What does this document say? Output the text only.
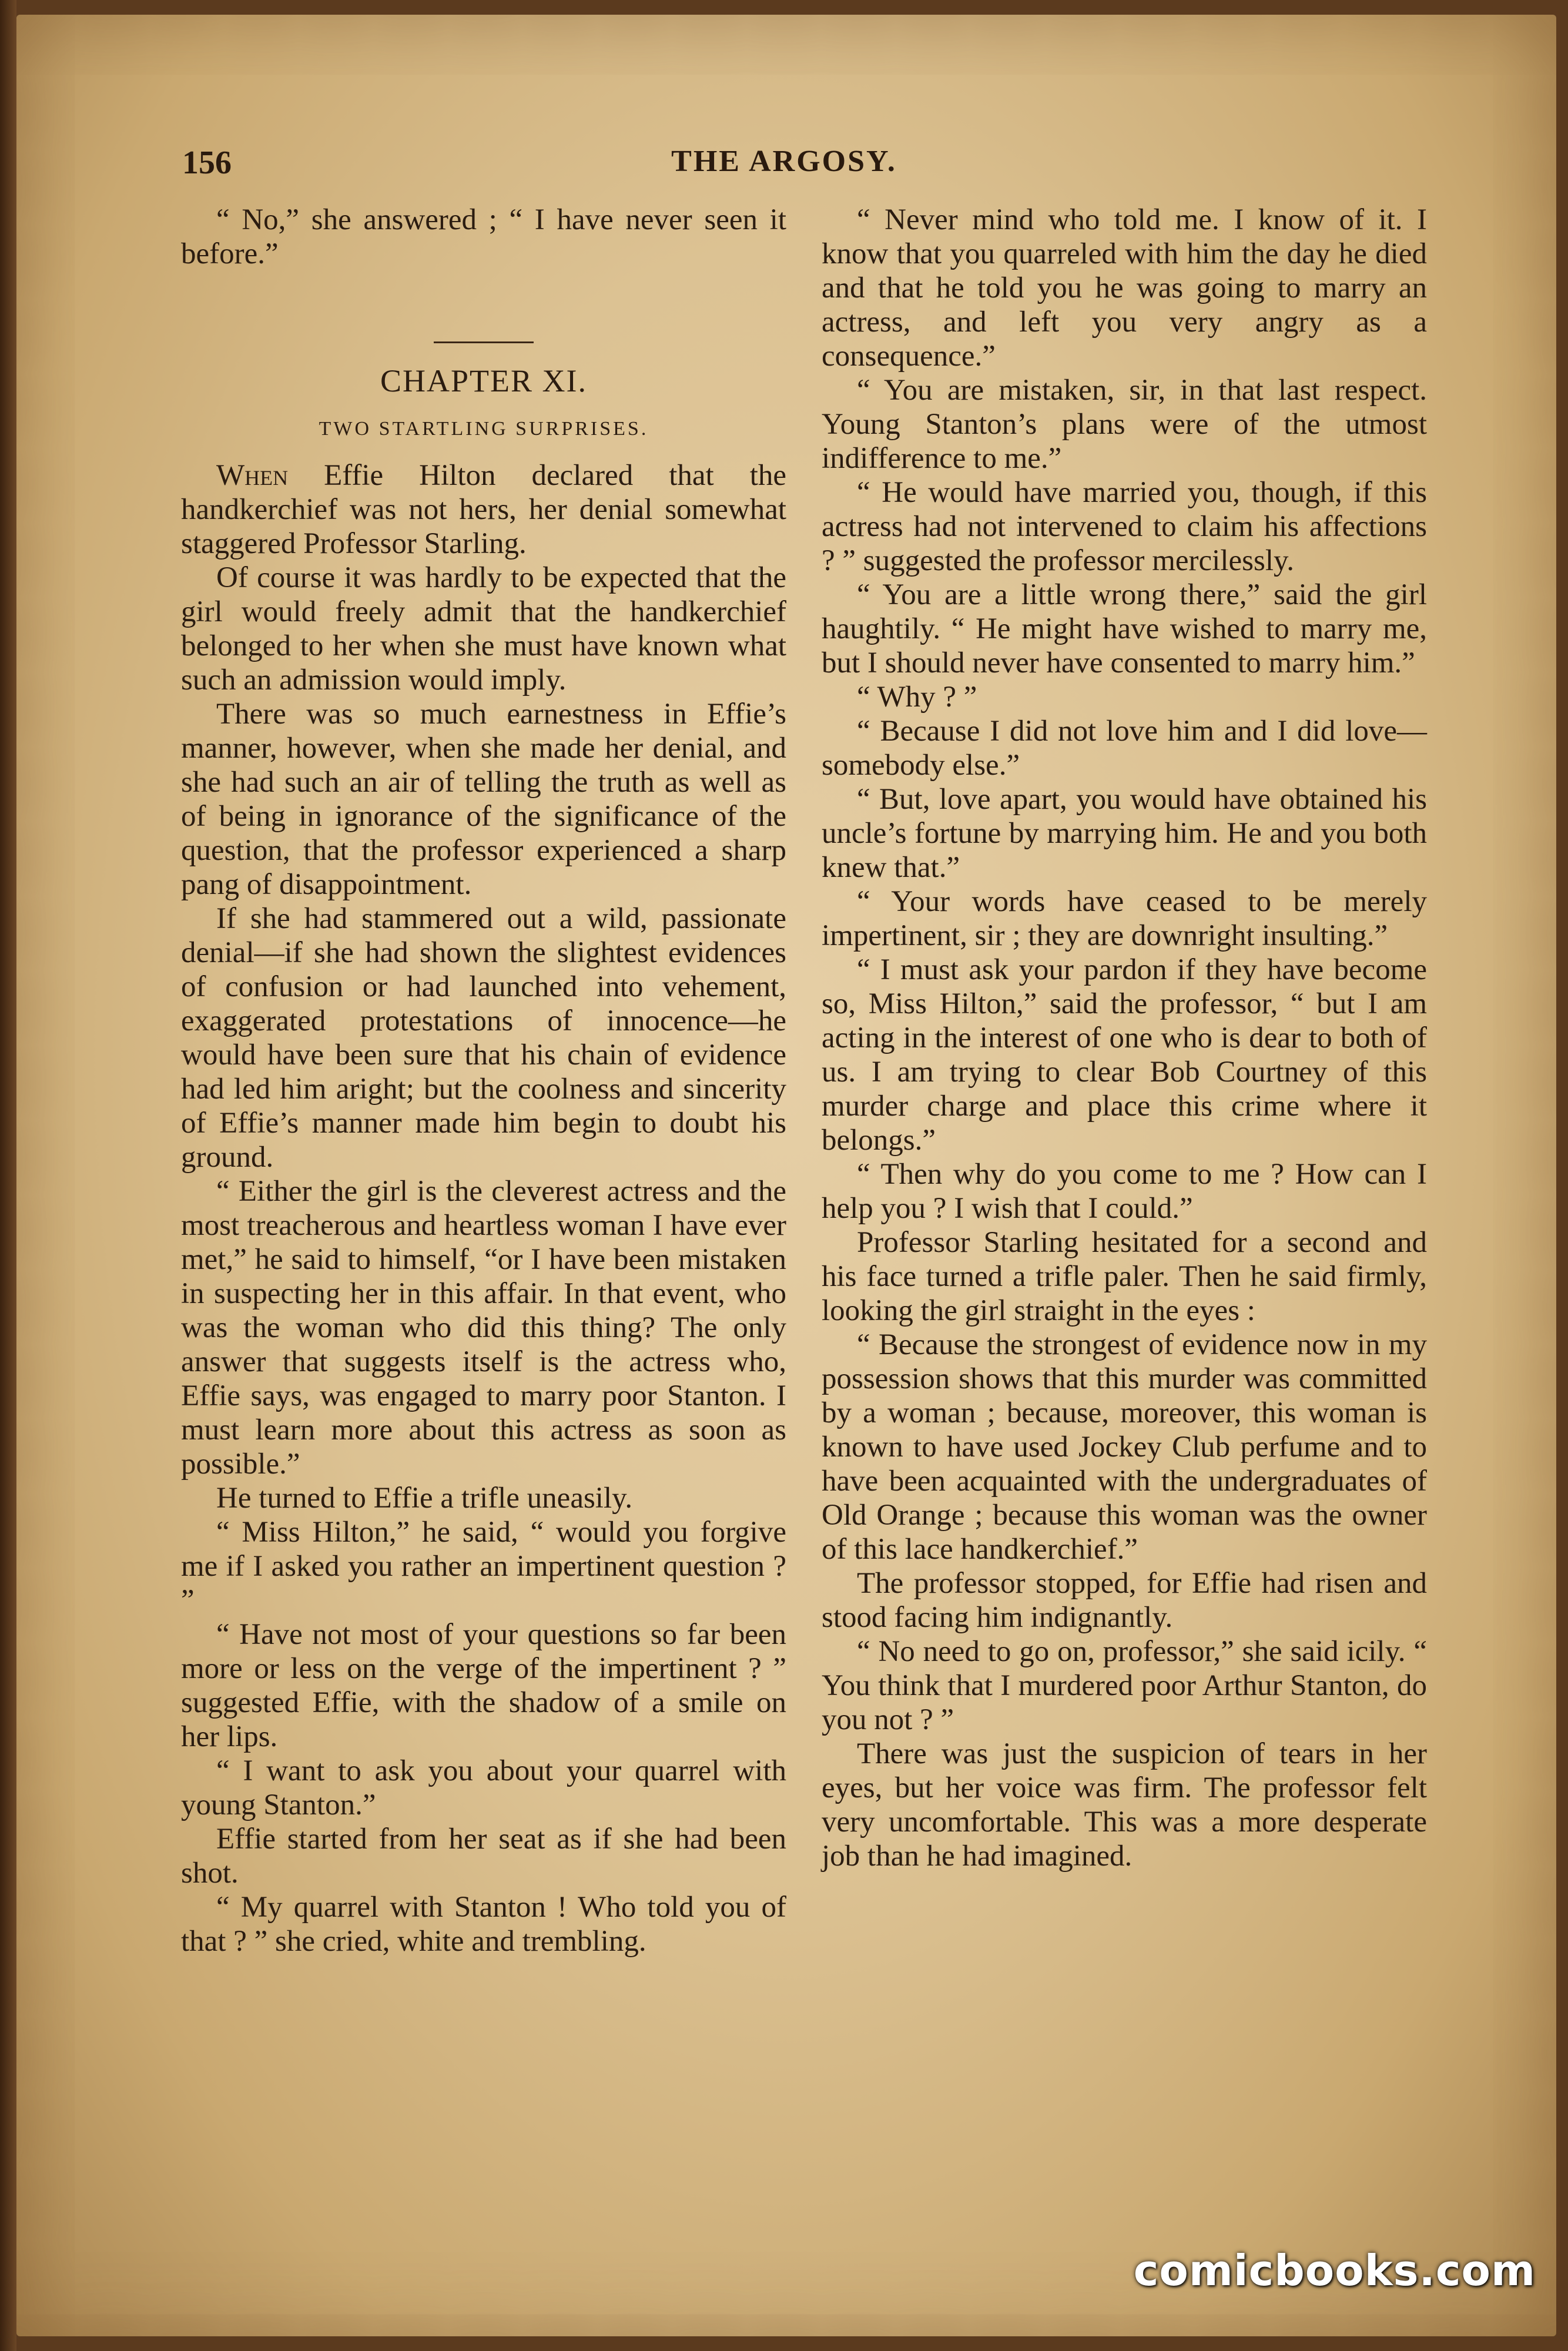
156	THE ARGOSY.

“ No,” she answered ; “ I have never seen it before.”

CHAPTER XI.
TWO STARTLING SURPRISES.

When Effie Hilton declared that the handkerchief was not hers, her denial somewhat staggered Professor Starling.

Of course it was hardly to be expected that the girl would freely admit that the handkerchief belonged to her when she must have known what such an admission would imply.

There was so much earnestness in Effie’s manner, however, when she made her denial, and she had such an air of telling the truth as well as of being in ignorance of the significance of the question, that the professor experienced a sharp pang of disappointment.

If she had stammered out a wild, passionate denial—if she had shown the slightest evidences of confusion or had launched into vehement, exaggerated protestations of innocence—he would have been sure that his chain of evidence had led him aright; but the coolness and sincerity of Effie’s manner made him begin to doubt his ground.

“ Either the girl is the cleverest actress and the most treacherous and heartless woman I have ever met,” he said to himself, “or I have been mistaken in suspecting her in this affair. In that event, who was the woman who did this thing? The only answer that suggests itself is the actress who, Effie says, was engaged to marry poor Stanton. I must learn more about this actress as soon as possible.”

He turned to Effie a trifle uneasily.

“ Miss Hilton,” he said, “ would you forgive me if I asked you rather an impertinent question ? ”

“ Have not most of your questions so far been more or less on the verge of the impertinent ? ” suggested Effie, with the shadow of a smile on her lips.

“ I want to ask you about your quarrel with young Stanton.”

Effie started from her seat as if she had been shot.

“ My quarrel with Stanton ! Who told you of that ? ” she cried, white and trembling.

“ Never mind who told me. I know of it. I know that you quarreled with him the day he died and that he told you he was going to marry an actress, and left you very angry as a consequence.”

“ You are mistaken, sir, in that last respect. Young Stanton’s plans were of the utmost indifference to me.”

“ He would have married you, though, if this actress had not intervened to claim his affections ? ” suggested the professor mercilessly.

“ You are a little wrong there,” said the girl haughtily. “ He might have wished to marry me, but I should never have consented to marry him.”

“ Why ? ”

“ Because I did not love him and I did love—somebody else.”

“ But, love apart, you would have obtained his uncle’s fortune by marrying him. He and you both knew that.”

“ Your words have ceased to be merely impertinent, sir ; they are downright insulting.”

“ I must ask your pardon if they have become so, Miss Hilton,” said the professor, “ but I am acting in the interest of one who is dear to both of us. I am trying to clear Bob Courtney of this murder charge and place this crime where it belongs.”

“ Then why do you come to me ? How can I help you ? I wish that I could.”

Professor Starling hesitated for a second and his face turned a trifle paler. Then he said firmly, looking the girl straight in the eyes :

“ Because the strongest of evidence now in my possession shows that this murder was committed by a woman ; because, moreover, this woman is known to have used Jockey Club perfume and to have been acquainted with the undergraduates of Old Orange ; because this woman was the owner of this lace handkerchief.”

The professor stopped, for Effie had risen and stood facing him indignantly.

“ No need to go on, professor,” she said icily. “ You think that I murdered poor Arthur Stanton, do you not ? ”

There was just the suspicion of tears in her eyes, but her voice was firm. The professor felt very uncomfortable. This was a more desperate job than he had imagined.

comicbooks.com
